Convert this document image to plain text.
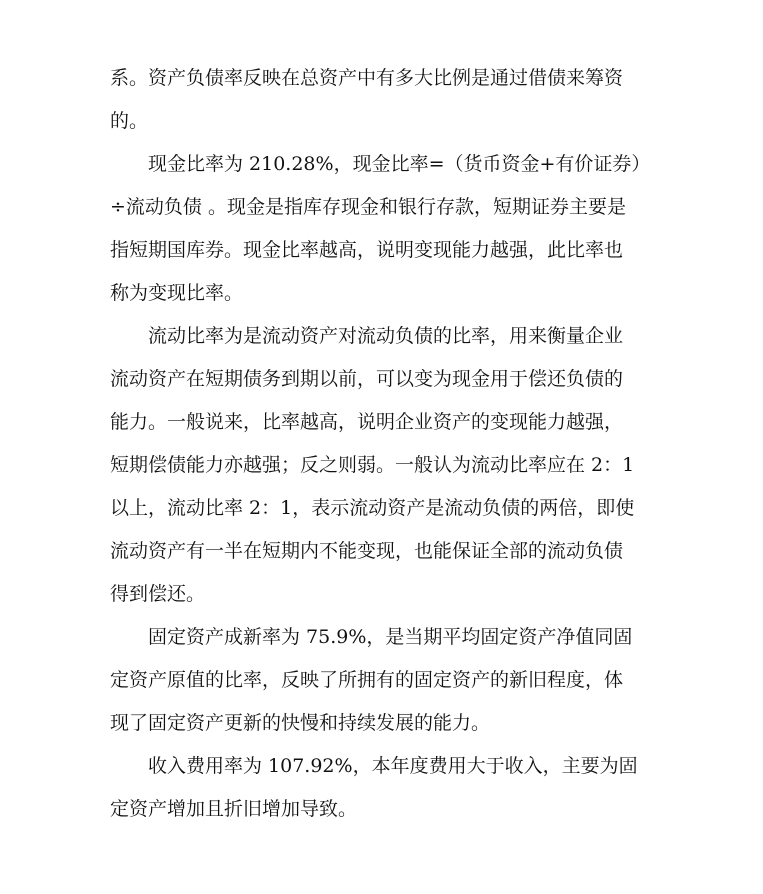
系。资产负债率反映在总资产中有多大比例是通过借债来筹资
的。
现金比率为 210.28%，现金比率=（货币资金+有价证券）
÷流动负债 。现金是指库存现金和银行存款，短期证券主要是
指短期国库券。现金比率越高，说明变现能力越强，此比率也
称为变现比率。
流动比率为是流动资产对流动负债的比率，用来衡量企业
流动资产在短期债务到期以前，可以变为现金用于偿还负债的
能力。一般说来，比率越高，说明企业资产的变现能力越强，
短期偿债能力亦越强；反之则弱。一般认为流动比率应在 2：1
以上，流动比率 2：1，表示流动资产是流动负债的两倍，即使
流动资产有一半在短期内不能变现，也能保证全部的流动负债
得到偿还。
固定资产成新率为 75.9%，是当期平均固定资产净值同固
定资产原值的比率，反映了所拥有的固定资产的新旧程度，体
现了固定资产更新的快慢和持续发展的能力。
收入费用率为 107.92%，本年度费用大于收入，主要为固
定资产增加且折旧增加导致。
